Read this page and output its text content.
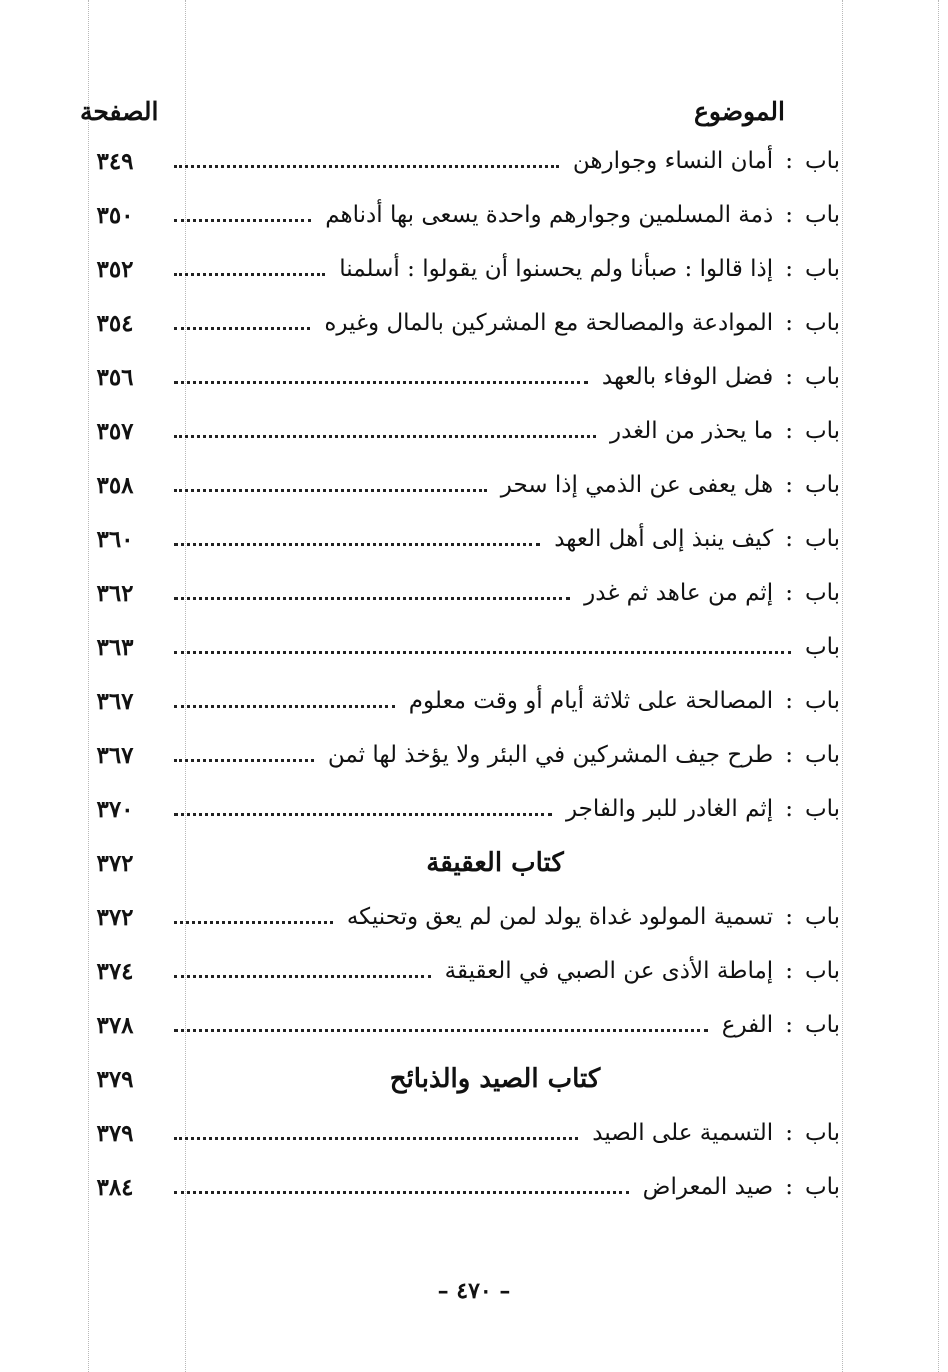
الموضوع
الصفحة
باب:أمان النساء وجوارهن
٣٤٩
باب:ذمة المسلمين وجوارهم واحدة يسعى بها أدناهم
٣٥٠
باب:إذا قالوا : صبأنا ولم يحسنوا أن يقولوا : أسلمنا
٣٥٢
باب:الموادعة والمصالحة مع المشركين بالمال وغيره
٣٥٤
باب:فضل الوفاء بالعهد
٣٥٦
باب:ما يحذر من الغدر
٣٥٧
باب:هل يعفى عن الذمي إذا سحر
٣٥٨
باب:كيف ينبذ إلى أهل العهد
٣٦٠
باب:إثم من عاهد ثم غدر
٣٦٢
باب
٣٦٣
باب:المصالحة على ثلاثة أيام أو وقت معلوم
٣٦٧
باب:طرح جيف المشركين في البئر ولا يؤخذ لها ثمن
٣٦٧
باب:إثم الغادر للبر والفاجر
٣٧٠
كتاب العقيقة
٣٧٢
باب:تسمية المولود غداة يولد لمن لم يعق وتحنيكه
٣٧٢
باب:إماطة الأذى عن الصبي في العقيقة
٣٧٤
باب:الفرع
٣٧٨
كتاب الصيد والذبائح
٣٧٩
باب:التسمية على الصيد
٣٧٩
باب:صيد المعراض
٣٨٤
– ٤٧٠ –
